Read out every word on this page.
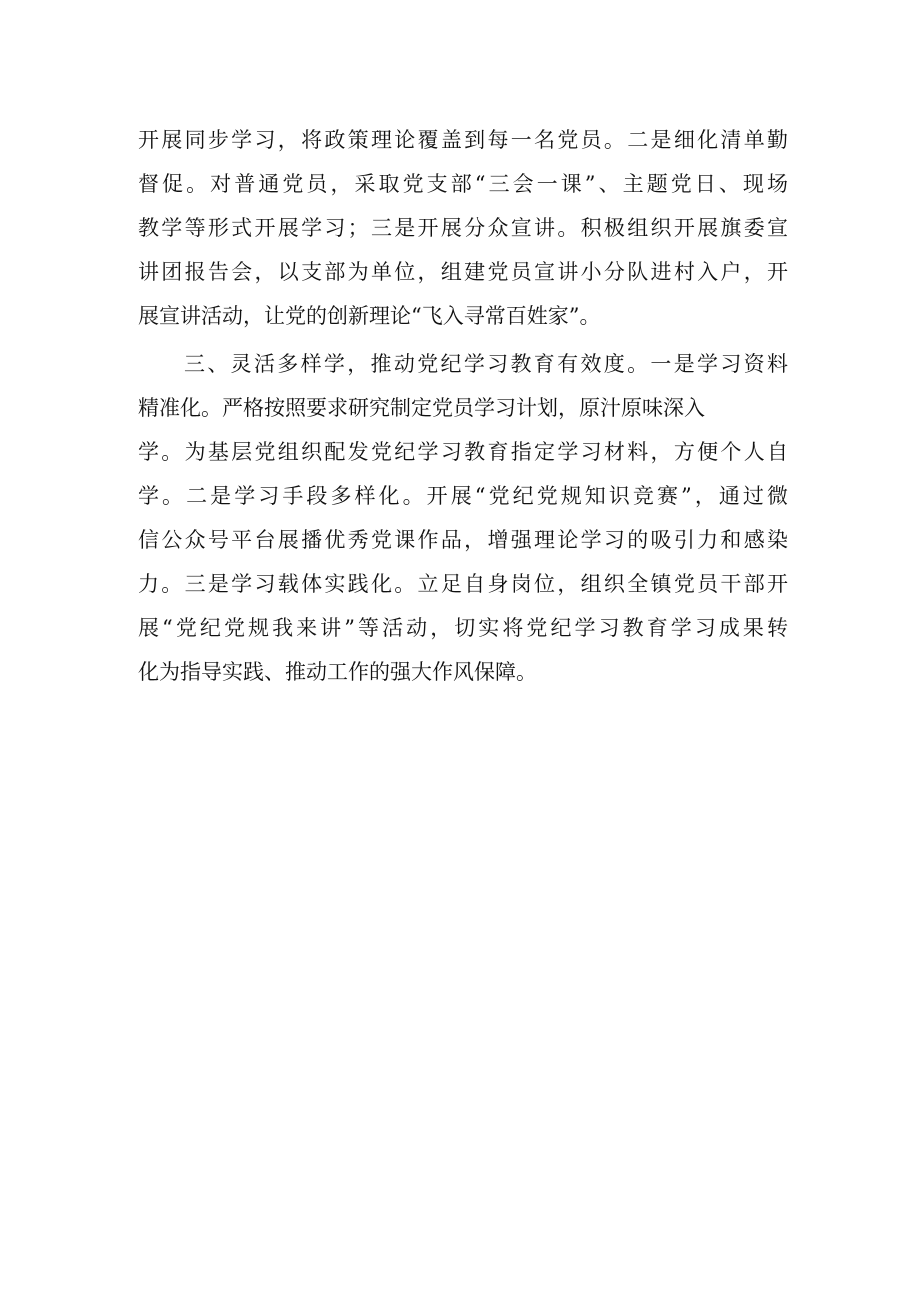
开展同步学习，将政策理论覆盖到每一名党员。二是细化清单勤
督促。对普通党员，采取党支部“三会一课”、主题党日、现场
教学等形式开展学习；三是开展分众宣讲。积极组织开展旗委宣
讲团报告会，以支部为单位，组建党员宣讲小分队进村入户，开
展宣讲活动，让党的创新理论“飞入寻常百姓家”。
三、灵活多样学，推动党纪学习教育有效度。一是学习资料
精准化。严格按照要求研究制定党员学习计划，原汁原味深入
学。为基层党组织配发党纪学习教育指定学习材料，方便个人自
学。二是学习手段多样化。开展“党纪党规知识竞赛”，通过微
信公众号平台展播优秀党课作品，增强理论学习的吸引力和感染
力。三是学习载体实践化。立足自身岗位，组织全镇党员干部开
展“党纪党规我来讲”等活动，切实将党纪学习教育学习成果转
化为指导实践、推动工作的强大作风保障。
